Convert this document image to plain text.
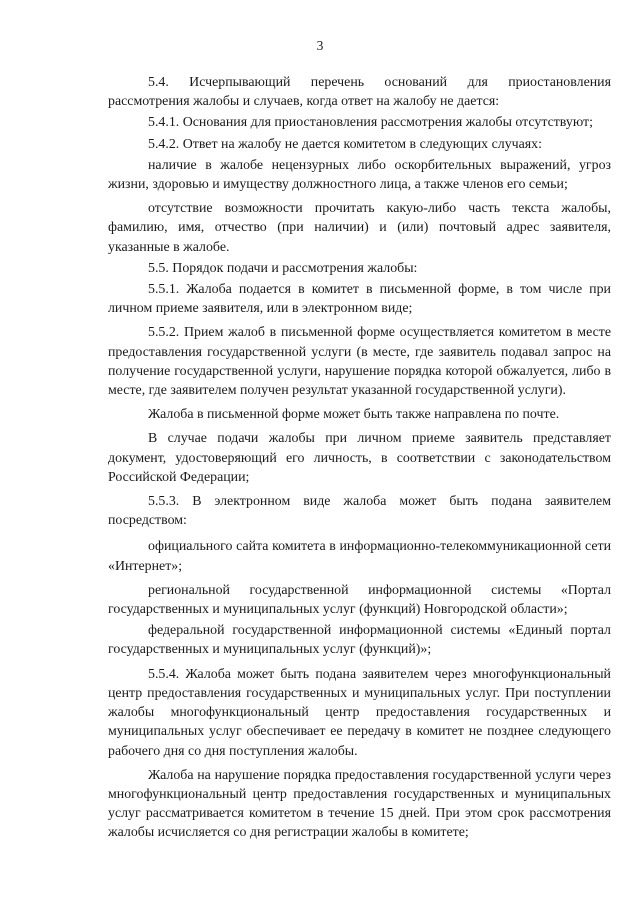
3

5.4. Исчерпывающий перечень оснований для приостановления рассмотрения жалобы и случаев, когда ответ на жалобу не дается:

5.4.1. Основания для приостановления рассмотрения жалобы отсутствуют;

5.4.2. Ответ на жалобу не дается комитетом в следующих случаях:

наличие в жалобе нецензурных либо оскорбительных выражений, угроз жизни, здоровью и имуществу должностного лица, а также членов его семьи;

отсутствие возможности прочитать какую-либо часть текста жалобы, фамилию, имя, отчество (при наличии) и (или) почтовый адрес заявителя, указанные в жалобе.

5.5. Порядок подачи и рассмотрения жалобы:

5.5.1. Жалоба подается в комитет в письменной форме, в том числе при личном приеме заявителя, или в электронном виде;

5.5.2. Прием жалоб в письменной форме осуществляется комитетом в месте предоставления государственной услуги (в месте, где заявитель подавал запрос на получение государственной услуги, нарушение порядка которой обжалуется, либо в месте, где заявителем получен результат указанной государственной услуги).

Жалоба в письменной форме может быть также направлена по почте.

В случае подачи жалобы при личном приеме заявитель представляет документ, удостоверяющий его личность, в соответствии с законодательством Российской Федерации;

5.5.3. В электронном виде жалоба может быть подана заявителем посредством:

официального сайта комитета в информационно-телекоммуникационной сети «Интернет»;

региональной государственной информационной системы «Портал государственных и муниципальных услуг (функций) Новгородской области»;

федеральной государственной информационной системы «Единый портал государственных и муниципальных услуг (функций)»;

5.5.4. Жалоба может быть подана заявителем через многофункциональный центр предоставления государственных и муниципальных услуг. При поступлении жалобы многофункциональный центр предоставления государственных и муниципальных услуг обеспечивает ее передачу в комитет не позднее следующего рабочего дня со дня поступления жалобы.

Жалоба на нарушение порядка предоставления государственной услуги через многофункциональный центр предоставления государственных и муниципальных услуг рассматривается комитетом в течение 15 дней. При этом срок рассмотрения жалобы исчисляется со дня регистрации жалобы в комитете;
